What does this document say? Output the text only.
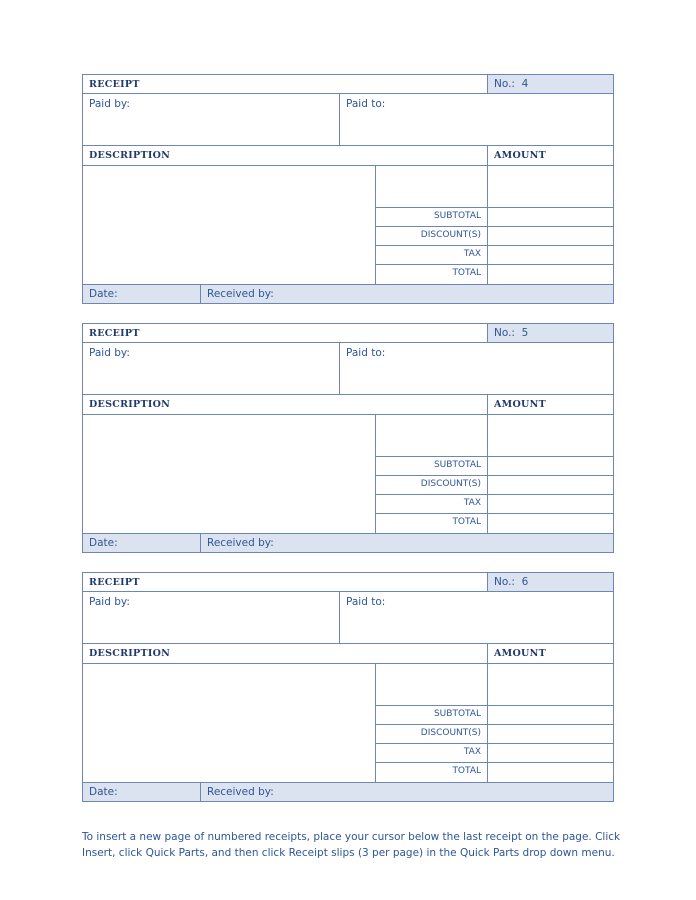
RECEIPT	No.: 4
Paid by:	Paid to:
DESCRIPTION	AMOUNT
SUBTOTAL
DISCOUNT(S)
TAX
TOTAL
Date:	Received by:
RECEIPT	No.: 5
Paid by:	Paid to:
DESCRIPTION	AMOUNT
SUBTOTAL
DISCOUNT(S)
TAX
TOTAL
Date:	Received by:
RECEIPT	No.: 6
Paid by:	Paid to:
DESCRIPTION	AMOUNT
SUBTOTAL
DISCOUNT(S)
TAX
TOTAL
Date:	Received by:
To insert a new page of numbered receipts, place your cursor below the last receipt on the page. Click Insert, click Quick Parts, and then click Receipt slips (3 per page) in the Quick Parts drop down menu.
